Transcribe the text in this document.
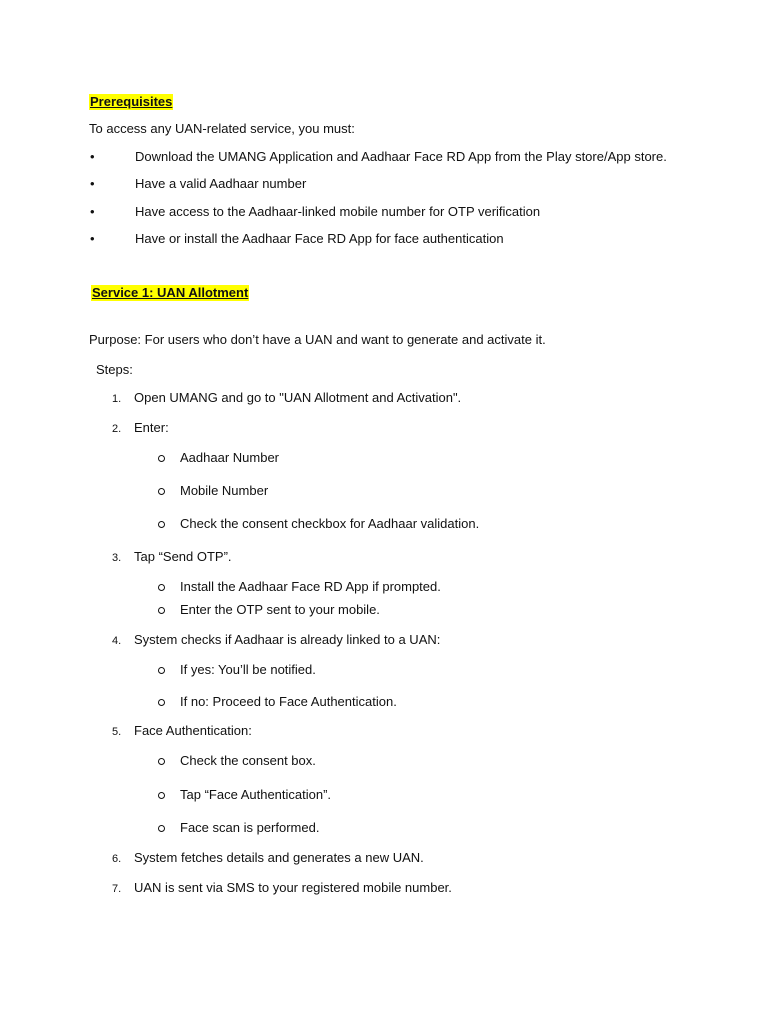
Prerequisites
To access any UAN-related service, you must:
•	Download the UMANG Application and Aadhaar Face RD App from the Play store/App store.
•	Have a valid Aadhaar number
•	Have access to the Aadhaar-linked mobile number for OTP verification
•	Have or install the Aadhaar Face RD App for face authentication
Service 1: UAN Allotment
Purpose: For users who don’t have a UAN and want to generate and activate it.
Steps:
1. Open UMANG and go to "UAN Allotment and Activation".
2. Enter:
Aadhaar Number
Mobile Number
Check the consent checkbox for Aadhaar validation.
3. Tap “Send OTP”.
Install the Aadhaar Face RD App if prompted.
Enter the OTP sent to your mobile.
4. System checks if Aadhaar is already linked to a UAN:
If yes: You’ll be notified.
If no: Proceed to Face Authentication.
5. Face Authentication:
Check the consent box.
Tap “Face Authentication”.
Face scan is performed.
6. System fetches details and generates a new UAN.
7. UAN is sent via SMS to your registered mobile number.
